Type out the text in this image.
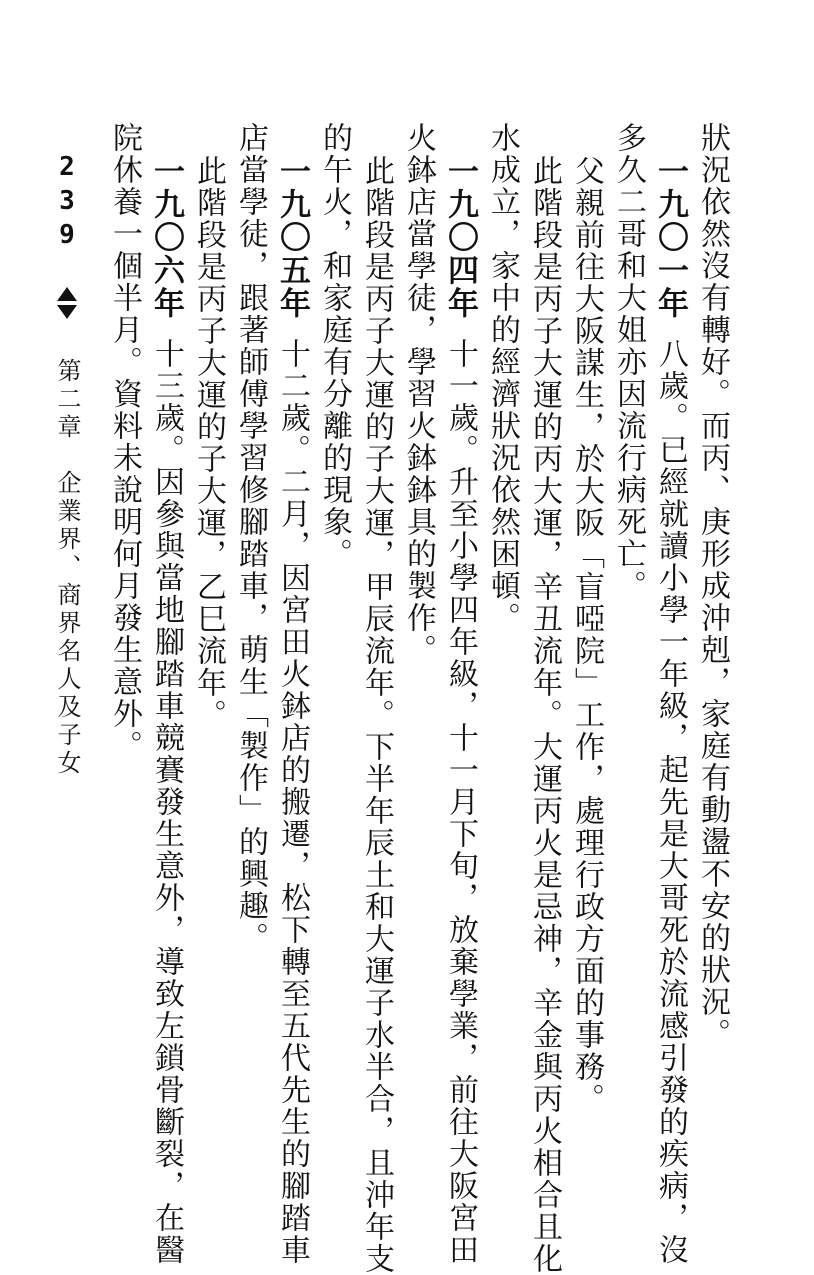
狀況依然沒有轉好。而丙、庚形成沖剋，家庭有動盪不安的狀況。
一九〇一年八歲。已經就讀小學一年級，起先是大哥死於流感引發的疾病，沒
多久二哥和大姐亦因流行病死亡。
父親前往大阪謀生，於大阪「盲啞院」工作，處理行政方面的事務。
此階段是丙子大運的丙大運，辛丑流年。大運丙火是忌神，辛金與丙火相合且化
水成立，家中的經濟狀況依然困頓。
一九〇四年十一歲。升至小學四年級，十一月下旬，放棄學業，前往大阪宮田
火鉢店當學徒，學習火鉢鉢具的製作。
此階段是丙子大運的子大運，甲辰流年。下半年辰土和大運子水半合，且沖年支
的午火，和家庭有分離的現象。
一九〇五年十二歲。二月，因宮田火鉢店的搬遷，松下轉至五代先生的腳踏車
店當學徒，跟著師傅學習修腳踏車，萌生「製作」的興趣。
此階段是丙子大運的子大運，乙巳流年。
一九〇六年十三歲。因參與當地腳踏車競賽發生意外，導致左鎖骨斷裂，在醫
院休養一個半月。資料未說明何月發生意外。
239  第二章企業界、商界名人及子女
